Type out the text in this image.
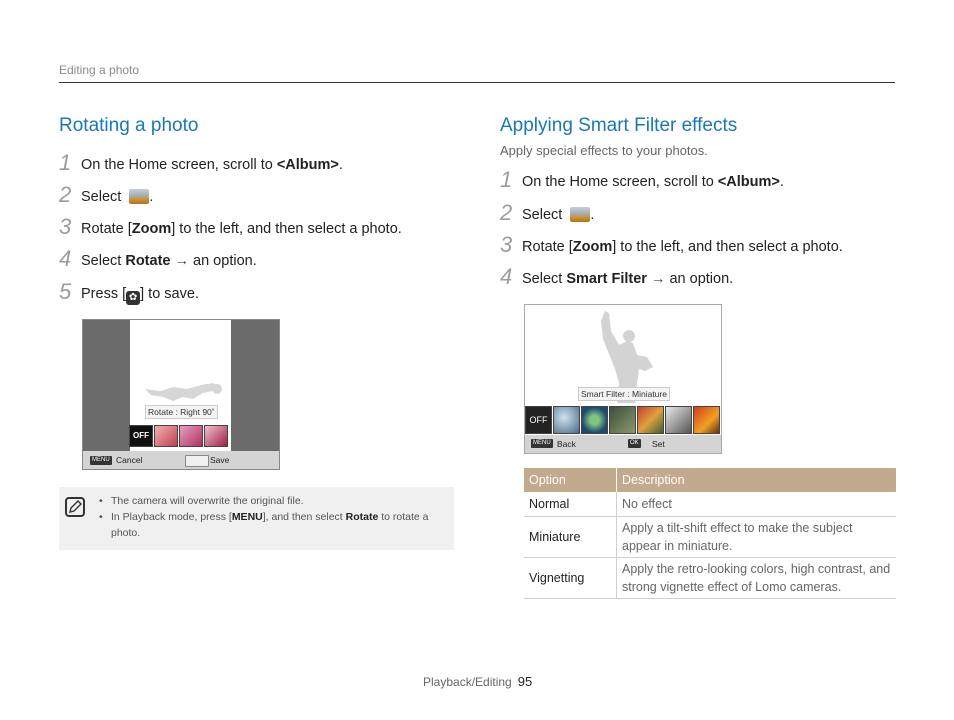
Editing a photo
Rotating a photo
1 On the Home screen, scroll to <Album>.
2 Select .
3 Rotate [Zoom] to the left, and then select a photo.
4 Select Rotate → an option.
5 Press [ ✿ ] to save.
Rotate : Right 90˚
OFF
MENU Cancel	Save
• The camera will overwrite the original file.
• In Playback mode, press [MENU], and then select Rotate to rotate a photo.
Applying Smart Filter effects
Apply special effects to your photos.
1 On the Home screen, scroll to <Album>.
2 Select .
3 Rotate [Zoom] to the left, and then select a photo.
4 Select Smart Filter → an option.
Smart Filter : Miniature
OFF
MENU Back	OK Set
Option	Description
Normal	No effect
Miniature	Apply a tilt-shift effect to make the subject
appear in miniature.
Vignetting	Apply the retro-looking colors, high contrast, and
strong vignette effect of Lomo cameras.
Playback/Editing 95
